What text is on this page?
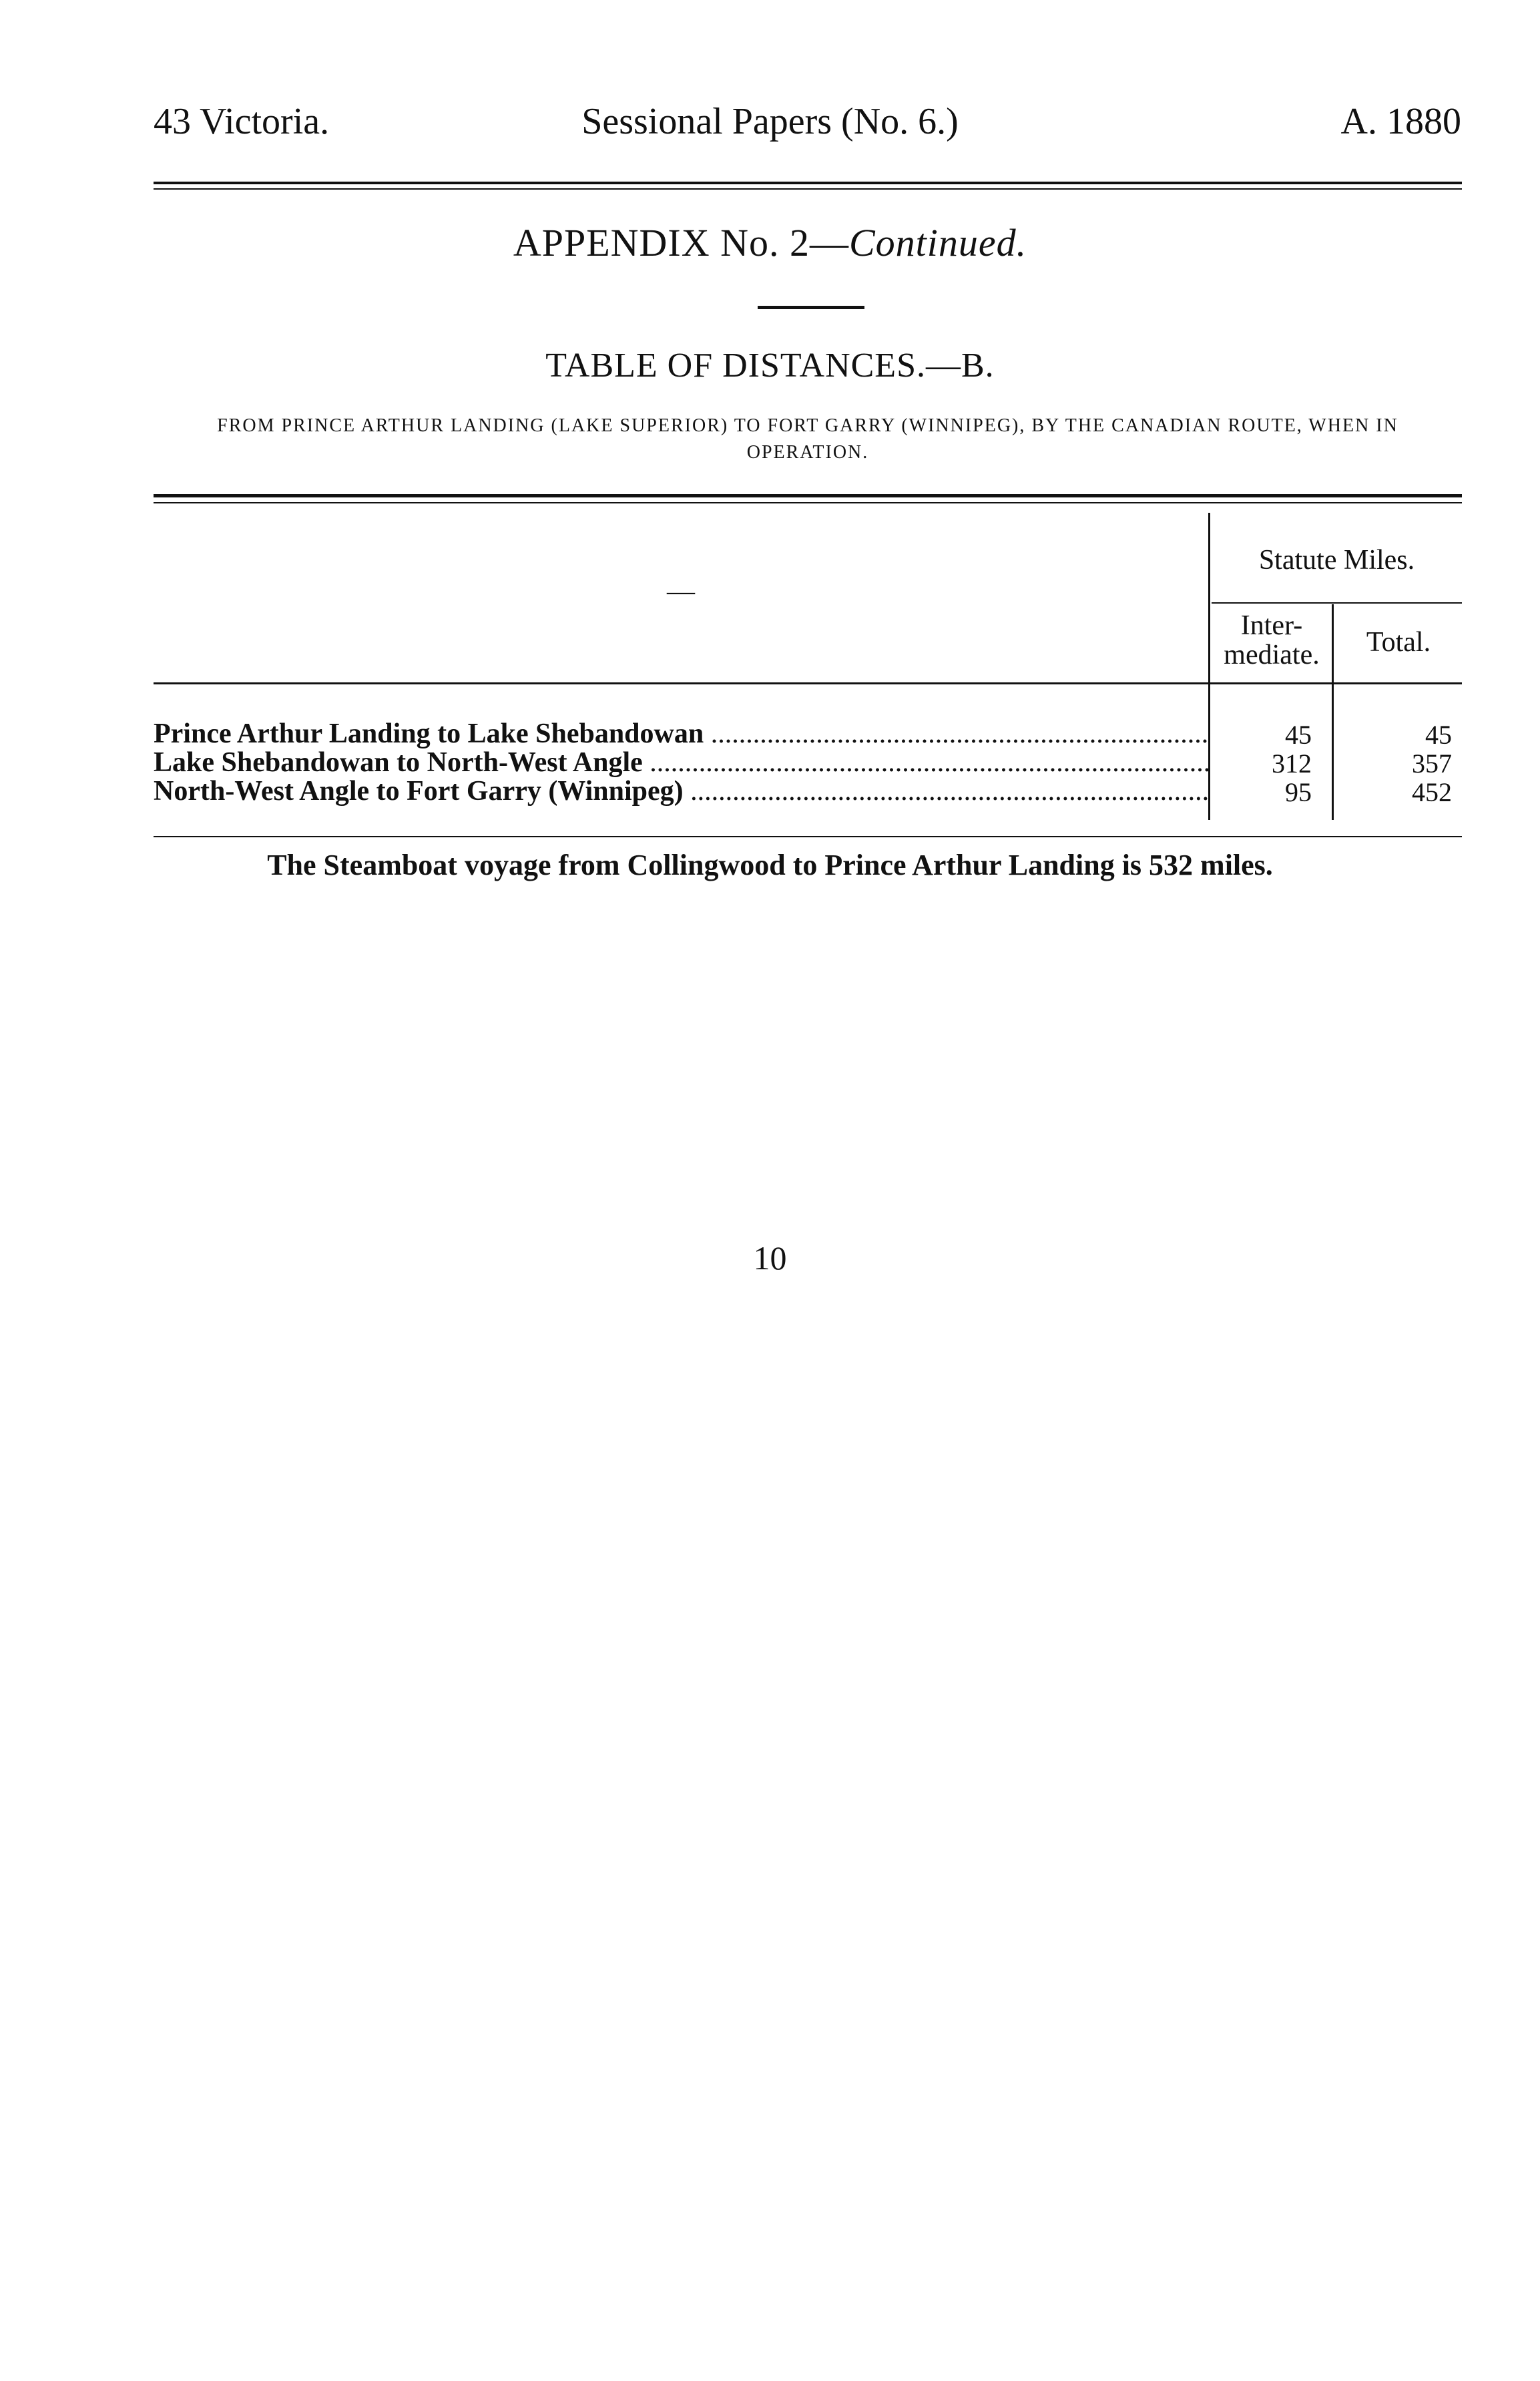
43 Victoria.	Sessional Papers (No. 6.)	A. 1880
APPENDIX No. 2—Continued.
TABLE OF DISTANCES.—B.
FROM PRINCE ARTHUR LANDING (LAKE SUPERIOR) TO FORT GARRY (WINNIPEG), BY THE CANADIAN ROUTE, WHEN IN OPERATION.
—
Statute Miles.
Inter-
mediate.	Total.
Prince Arthur Landing to Lake Shebandowan .....	45	45
Lake Shebandowan to North-West Angle .....	312	357
North-West Angle to Fort Garry (Winnipeg) .....	95	452
The Steamboat voyage from Collingwood to Prince Arthur Landing is 532 miles.
10
